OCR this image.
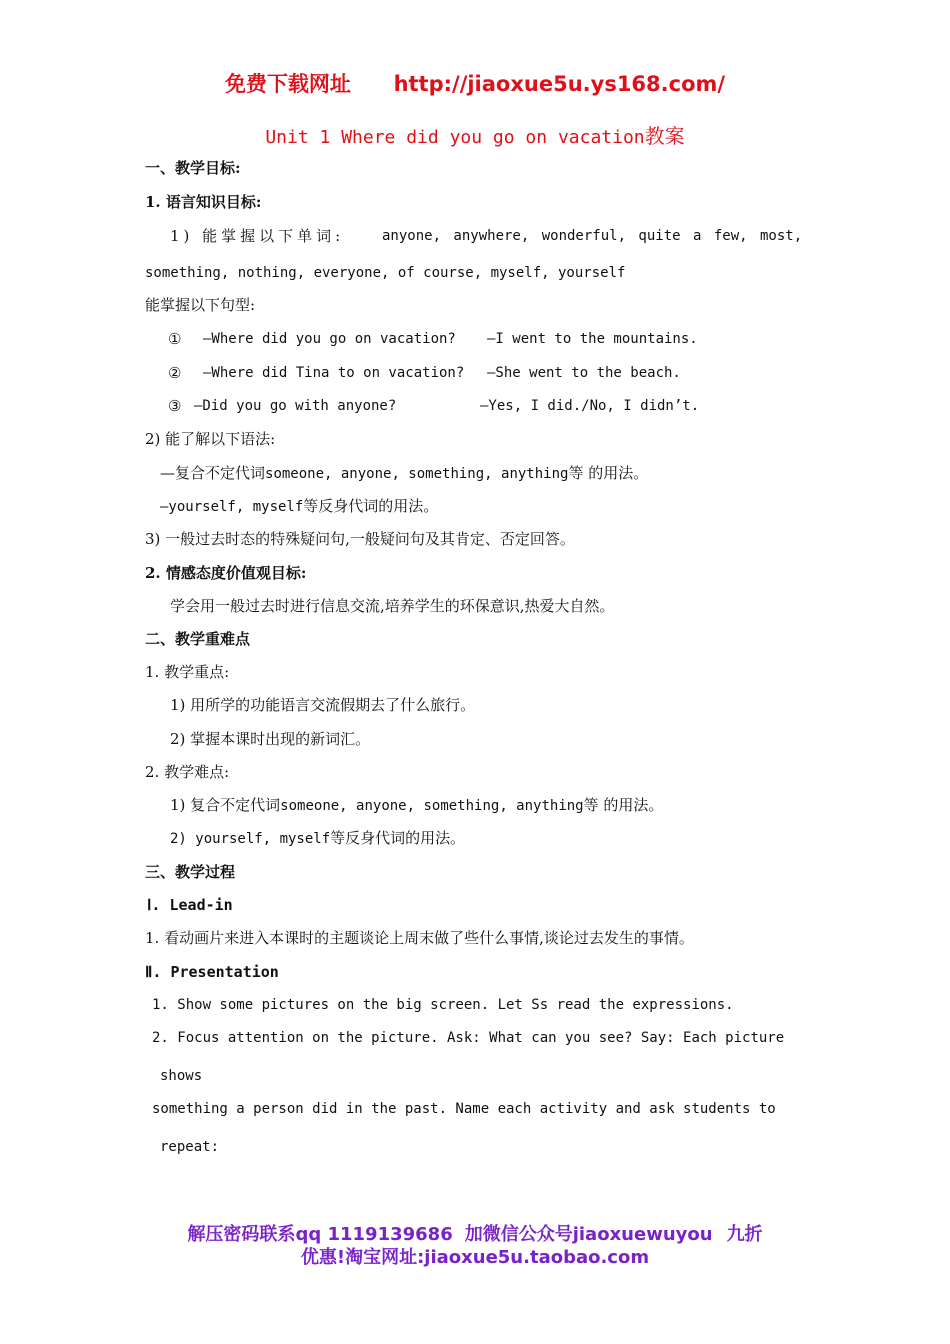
免费下载网址 http://jiaoxue5u.ys168.com/
Unit 1 Where did you go on vacation教案
一、教学目标:
1. 语言知识目标:
1) 能掌握以下单词:	anyone, anywhere, wonderful, quite a few, most,
something, nothing, everyone, of course, myself, yourself
能掌握以下句型:
① —Where did you go on vacation? —I went to the mountains.
② —Where did Tina to on vacation? —She went to the beach.
③ —Did you go with anyone?	—Yes, I did./No, I didn’t.
2) 能了解以下语法:
—复合不定代词someone, anyone, something, anything等 的用法。
—yourself, myself等反身代词的用法。
3) 一般过去时态的特殊疑问句,一般疑问句及其肯定、否定回答。
2. 情感态度价值观目标:
学会用一般过去时进行信息交流,培养学生的环保意识,热爱大自然。
二、教学重难点
1. 教学重点:
1) 用所学的功能语言交流假期去了什么旅行。
2) 掌握本课时出现的新词汇。
2. 教学难点:
1) 复合不定代词someone, anyone, something, anything等 的用法。
2) yourself, myself等反身代词的用法。
三、教学过程
Ⅰ. Lead-in
1. 看动画片来进入本课时的主题谈论上周末做了些什么事情,谈论过去发生的事情。
Ⅱ. Presentation
1. Show some pictures on the big screen. Let Ss read the expressions.
2. Focus attention on the picture. Ask: What can you see? Say: Each picture
shows
something a person did in the past. Name each activity and ask students to
repeat:
解压密码联系qq 1119139686 加微信公众号jiaoxuewuyou 九折
优惠!淘宝网址:jiaoxue5u.taobao.com
